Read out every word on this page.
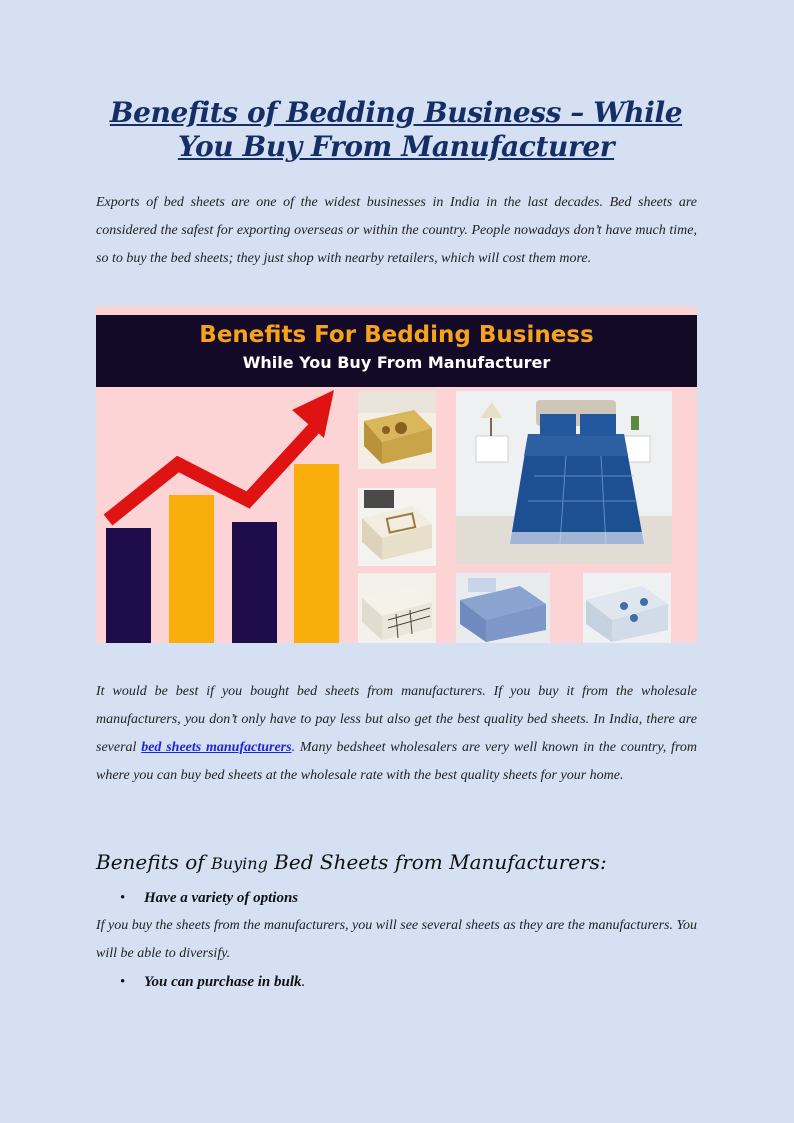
Benefits of Bedding Business – While You Buy From Manufacturer

Exports of bed sheets are one of the widest businesses in India in the last decades. Bed sheets are considered the safest for exporting overseas or within the country. People nowadays don’t have much time, so to buy the bed sheets; they just shop with nearby retailers, which will cost them more.

Benefits For Bedding Business
While You Buy From Manufacturer

It would be best if you bought bed sheets from manufacturers. If you buy it from the wholesale manufacturers, you don’t only have to pay less but also get the best quality bed sheets. In India, there are several bed sheets manufacturers. Many bedsheet wholesalers are very well known in the country, from where you can buy bed sheets at the wholesale rate with the best quality sheets for your home.

Benefits of Buying Bed Sheets from Manufacturers:

• Have a variety of options

If you buy the sheets from the manufacturers, you will see several sheets as they are the manufacturers. You will be able to diversify.

• You can purchase in bulk.
